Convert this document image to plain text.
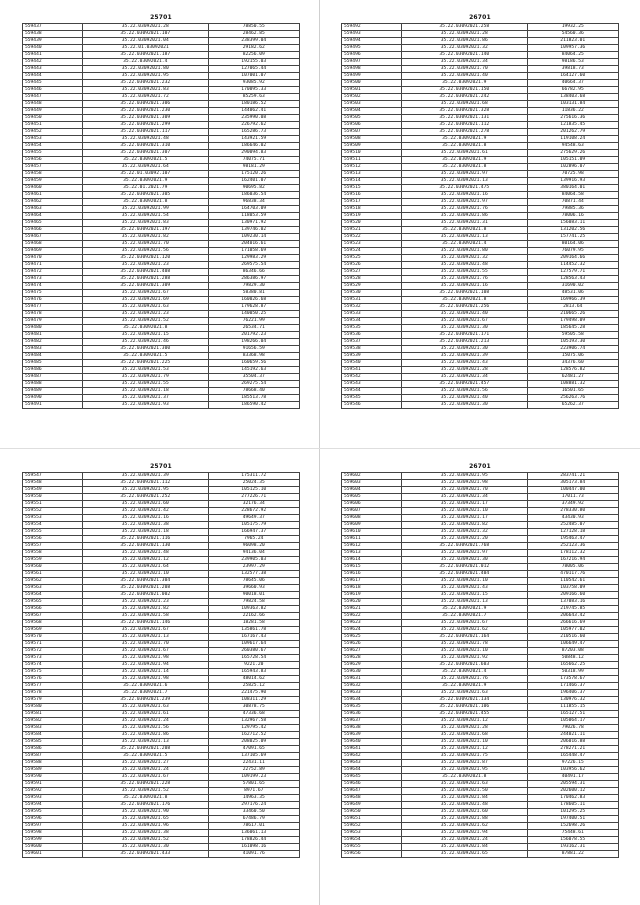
25701
559437	35.22.03092021.28	78850.55
559438	35.22.03092021.107	28462.85
559439	35.22.03092021.04	238399.04
559440	35.22.01.03092021	29182.62
559441	35.22.03092021.187	82256.09
559442	35.22.03092021.4	192155.03
559443	35.22.03092021.80	127065.44
559444	35.22.03092021.95	107001.07
559445	35.22.03092021.232	93085.92
559446	35.22.03092021.83	170095.33
559447	35.22.03092021.72	85259.63
559448	35.22.03092021.306	180186.52
559449	35.22.03092021.230	144062.41
559450	35.22.03092021.309	235990.08
559451	35.22.03092021.299	226792.62
559452	35.22.03092021.117	165286.73
559453	35.22.03092021.48	143921.59
559454	35.22.03092021.310	186646.02
559455	35.22.03092021.307	290094.83
559456	35.22.03092021.5	74075.71
559457	35.22.03092021.64	98181.29
559458	35.22.01.03092.107	175120.26
559459	35.22.03092021.9	162401.07
559460	35.22.01.2021.79	90695.82
559461	35.22.03092021.305	186036.54
559462	35.22.03092021.8	96838.34
559463	35.22.03092021.99	164703.09
559464	35.22.03092021.54	118053.59
559465	35.22.03092021.83	130971.92
559466	35.22.03092021.197	139746.02
559467	35.22.03092021.82	109230.14
559468	35.22.03092021.70	204016.61
559469	35.22.03092021.56	171058.69
559470	35.22.03092021.120	129983.29
559471	35.22.03092021.23	269575.54
559472	35.22.03092021.408	86346.66
559473	35.22.03092021.288	286386.97
559474	35.22.03092021.309	79829.30
559475	35.22.03092021.67	58380.81
559476	35.22.03092021.69	160026.68
559477	35.22.03092021.63	179628.87
559478	35.22.03092021.23	140050.25
559479	35.22.03092021.52	76221.99
559480	35.22.03092021.8	26534.71
559481	35.22.03092021.15	201792.23
559482	35.22.03092021.46	198266.04
559483	35.22.03092021.300	91656.59
559484	35.22.03092021.5	83368.98
559485	35.22.03092021.225	160659.56
559486	35.22.03092021.53	145192.63
559487	35.22.03092021.79	35504.37
559488	35.22.03092021.55	269275.54
559489	35.22.03092021.18	78668.40
559490	35.22.03092021.37	185513.78
559491	35.22.03092021.93	186590.42
26701
559492	35.22.03092021.258	19932.25
559493	35.22.03092021.28	54560.36
559494	35.22.03092021.86	211823.01
559495	35.22.03092021.32	109957.36
559496	35.22.03092021.140	84064.25
559497	35.22.03092021.34	98186.53
559498	35.22.03092021.70	39818.73
559499	35.22.03092021.40	164127.60
559500	35.22.03092021.9	40664.37
559501	35.22.03092021.150	66782.95
559502	35.22.03092021.242	138403.68
559503	35.22.03092021.68	103131.84
559504	35.22.03092021.328	11836.22
559505	35.22.03092021.131	275616.36
559506	35.22.03092021.112	121835.45
559507	35.22.03092021.278	201262.79
559508	35.22.03092021.9	119108.24
559509	35.22.03092021.8	94548.63
559510	35.22.03092021.61	275629.26
559511	35.22.03092021.9	105151.09
559512	35.22.03092021.8	102896.07
559513	35.22.03092021.97	70725.98
559514	35.22.03092021.13	139916.93
559515	35.22.03092021.475	380164.01
559516	35.22.03092021.16	84064.58
559517	35.22.03092021.97	70871.44
559518	35.22.03092021.76	79885.36
559519	35.22.03092021.86	78006.16
559520	35.22.03092021.31	156083.11
559521	35.22.03092021.8	131202.56
559522	35.22.03092021.13	157741.25
559523	35.22.03092021.4	80164.06
559524	35.22.03092021.80	76079.95
559525	35.22.03092021.32	209164.66
559526	35.22.03092021.48	114452.32
559527	35.22.03092021.55	127579.71
559528	35.22.03092021.76	128563.43
559529	35.22.03092021.16	31690.02
559530	35.22.03092021.108	48531.06
559531	35.22.03092021.8	169966.39
559532	35.22.03092021.256	2813.64
559533	35.22.03092021.40	210665.26
559534	35.22.03092021.67	179498.09
559535	35.22.03092021.30	185645.28
559536	35.22.03092021.171	59505.58
559537	35.22.03092021.213	105193.30
559538	35.22.03092021.30	223906.74
559539	35.22.03092021.39	15075.06
559540	35.22.03092021.43	34376.60
559541	35.22.03092021.28	128576.82
559542	35.22.03092021.34	62481.27
559543	35.22.03092021.457	108881.32
559544	35.22.03092021.56	16501.65
559545	35.22.03092021.40	256263.76
559546	35.22.03092021.30	65262.37
25701
559547	35.22.03092021.39	175311.72
559548	35.22.03092021.112	25024.35
559549	35.22.03092021.95	105125.10
559550	35.22.03092021.252	277226.71
559551	35.22.03092021.60	32176.34
559552	35.22.03092021.42	228672.92
559553	35.22.03092021.16	49649.37
559554	35.22.03092021.38	105175.79
559555	35.22.03092021.18	166947.37
559556	35.22.03092021.116	7965.24
559557	35.22.03092021.130	96098.20
559558	35.22.03092021.48	94136.04
559559	35.22.03092021.12	239905.03
559560	35.22.03092021.64	23997.29
559561	35.22.03092021.10	132577.38
559562	35.22.03092021.304	78645.06
559563	35.22.03092021.208	39660.93
559564	35.22.03092021.002	90018.01
559565	35.22.03092021.23	79824.58
559566	35.22.03092021.82	109363.82
559567	35.22.03092021.58	22162.66
559568	35.22.03092021.146	18281.58
559569	35.22.03092021.67	135861.78
559570	35.22.03092021.13	167167.43
559571	35.22.03092021.70	109617.64
559572	35.22.03092021.67	260380.67
559573	35.22.03092021.98	165728.54
559574	35.22.03092021.94	9221.20
559575	35.22.03092021.14	165943.83
559576	35.22.03092021.98	48014.62
559577	35.22.03092021.6	25825.12
559578	35.22.03092021.7	221475.90
559579	35.22.03092021.239	108311.29
559580	35.22.03092021.63	30878.75
559581	35.22.03092021.61	47336.68
559582	35.22.03092021.24	132967.58
559583	35.22.03092021.56	129795.42
559584	35.22.03092021.86	162712.52
559585	35.22.03092021.13	208025.09
559586	35.22.03092021.208	47091.65
559587	35.22.03092021.5	137105.69
559588	35.22.03092021.27	22431.11
559589	35.22.03092021.24	22752.89
559590	35.22.03092021.67	109199.23
559591	35.22.03092021.228	57801.65
559592	35.22.03092021.52	8971.67
559593	35.22.03092021.8	14963.35
559594	35.22.03092021.176	297176.24
559595	35.22.03092021.90	33460.50
559596	35.22.03092021.65	67486.79
559597	35.22.03092021.96	78617.01
559598	35.22.03092021.38	136061.13
559599	35.22.03092021.52	178826.44
559600	35.22.03092021.30	161098.16
559601	35.22.03092021.433	41091.76
26701
559602	35.22.03092021.95	283741.21
559603	35.22.03092021.98	305173.84
559604	35.22.03092021.70	100447.00
559605	35.22.03092021.34	17011.73
559606	35.22.03092021.17	37349.92
559607	35.22.03092021.10	278330.80
559608	35.22.03092021.17	43430.93
559609	35.22.03092021.82	252485.07
559610	35.22.03092021.32	127128.18
559611	35.22.03092021.20	195463.47
559612	35.22.03092021.768	252123.36
559613	35.22.03092021.97	178112.32
559614	35.22.03092021.30	167216.94
559615	35.22.03092021.012	78005.06
559616	35.22.03092021.404	470117.76
559617	35.22.03092021.10	110542.61
559618	35.22.03092021.43	103758.09
559619	35.22.03092021.15	209166.60
559620	35.22.03092021.13	137083.16
559621	35.22.03092021.9	219745.85
559622	35.22.03092021.7	206643.42
559623	35.22.03092021.67	266616.69
559624	35.22.03092021.62	105977.02
559625	35.22.03092021.164	210516.60
559626	35.22.03092021.78	106649.47
559627	35.22.03092021.10	87203.08
559628	35.22.03092021.92	50848.12
559629	35.22.03092021.603	165662.25
559630	35.22.03092021.4	50318.99
559631	35.22.03092021.76	173578.67
559632	35.22.03092021.9	171466.37
559633	35.22.03092021.63	196406.37
559634	35.22.03092021.134	130976.32
559635	35.22.03092021.106	111855.15
559636	35.22.03092021.455	165127.51
559637	35.22.03092021.12	105064.17
559638	35.22.03092021.28	79026.78
559639	35.22.03092021.68	244021.11
559640	35.22.03092021.10	206016.88
559641	35.22.03092021.12	278271.21
559642	35.22.03092021.75	165448.47
559643	35.22.03092021.87	97226.15
559644	35.22.03092021.95	103956.62
559645	35.22.03092021.8	40491.17
559646	35.22.03092021.63	205594.31
559647	35.22.03092021.50	202600.12
559648	35.22.03092021.84	170462.83
559649	35.22.03092021.48	178605.11
559650	35.22.03092021.60	101295.25
559651	35.22.03092021.88	197400.51
559652	35.22.03092021.62	152698.26
559653	35.22.03092021.94	75448.61
559654	35.22.03092021.24	156078.55
559655	35.22.03092021.84	193162.31
559656	35.22.03092021.65	87881.22
